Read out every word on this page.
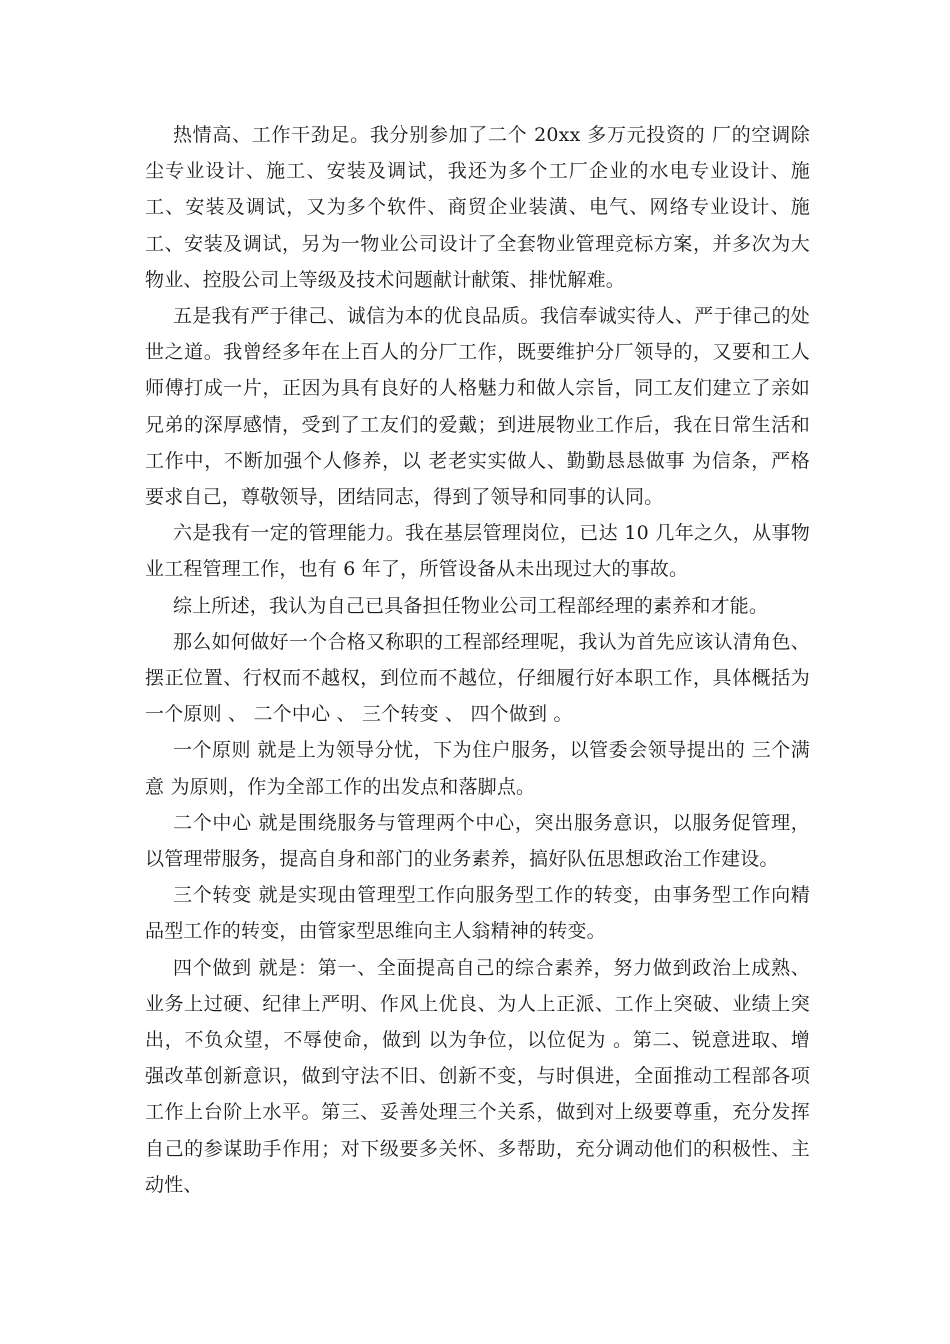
热情高、工作干劲足。我分别参加了二个 20xx 多万元投资的 厂的空调除尘专业设计、施工、安装及调试，我还为多个工厂企业的水电专业设计、施工、安装及调试，又为多个软件、商贸企业装潢、电气、网络专业设计、施工、安装及调试，另为一物业公司设计了全套物业管理竞标方案，并多次为大物业、控股公司上等级及技术问题献计献策、排忧解难。

五是我有严于律己、诚信为本的优良品质。我信奉诚实待人、严于律己的处世之道。我曾经多年在上百人的分厂工作，既要维护分厂领导的，又要和工人师傅打成一片，正因为具有良好的人格魅力和做人宗旨，同工友们建立了亲如兄弟的深厚感情，受到了工友们的爱戴；到进展物业工作后，我在日常生活和工作中，不断加强个人修养，以 老老实实做人、勤勤恳恳做事 为信条，严格要求自己，尊敬领导，团结同志，得到了领导和同事的认同。

六是我有一定的管理能力。我在基层管理岗位，已达 10 几年之久，从事物业工程管理工作，也有 6 年了，所管设备从未出现过大的事故。

综上所述，我认为自己已具备担任物业公司工程部经理的素养和才能。

那么如何做好一个合格又称职的工程部经理呢，我认为首先应该认清角色、摆正位置、行权而不越权，到位而不越位，仔细履行好本职工作，具体概括为 一个原则 、 二个中心 、 三个转变 、 四个做到 。

一个原则 就是上为领导分忧，下为住户服务，以管委会领导提出的 三个满意 为原则，作为全部工作的出发点和落脚点。

二个中心 就是围绕服务与管理两个中心，突出服务意识，以服务促管理，以管理带服务，提高自身和部门的业务素养，搞好队伍思想政治工作建设。

三个转变 就是实现由管理型工作向服务型工作的转变，由事务型工作向精品型工作的转变，由管家型思维向主人翁精神的转变。

四个做到 就是：第一、全面提高自己的综合素养，努力做到政治上成熟、业务上过硬、纪律上严明、作风上优良、为人上正派、工作上突破、业绩上突出，不负众望，不辱使命，做到 以为争位，以位促为 。第二、锐意进取、增强改革创新意识，做到守法不旧、创新不变，与时俱进，全面推动工程部各项工作上台阶上水平。第三、妥善处理三个关系，做到对上级要尊重，充分发挥自己的参谋助手作用；对下级要多关怀、多帮助，充分调动他们的积极性、主动性、
